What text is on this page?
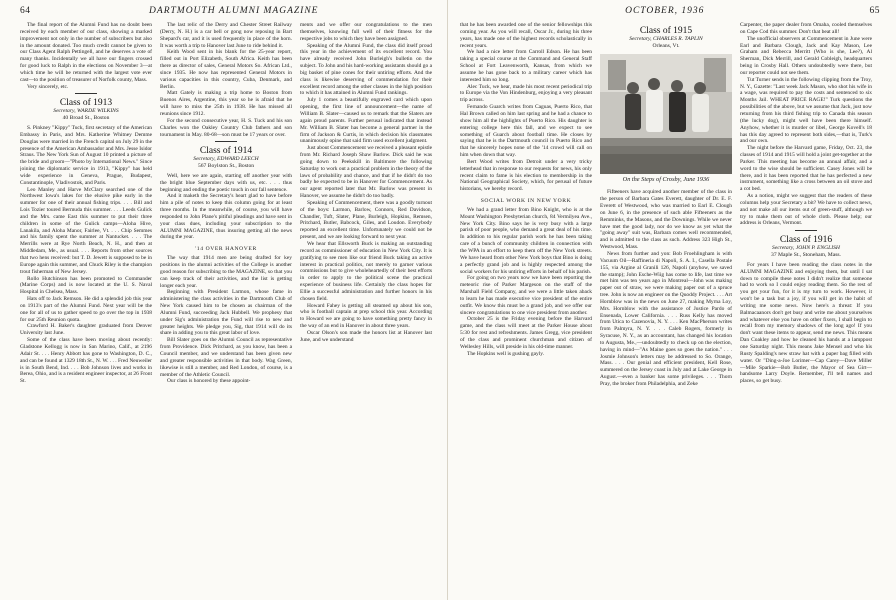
64	DARTMOUTH ALUMNI MAGAZINE

The final report of the Alumni Fund has no doubt been received by each member of our class, showing a marked improvement not only in the number of subscribers but also in the amount donated. Too much credit cannot be given to our Class Agent Ralph Pettingell, and he deserves a vote of many thanks. Incidentally we all have our fingers crossed for good luck to Ralph in the elections on November 3—at which time he will be returned with the largest vote ever cast—to the position of treasurer of Norfolk county, Mass.

Very sincerely, etc.

Class of 1913
Secretary, WARDE WILKINS
40 Broad St., Boston

S. Pinkney "Kippy" Tuck, first secretary of the American Embassy in Paris, and Mrs. Katherine Whitney Demme Douglas were married in the French capital on July 29 in the presence of the American Ambassador and Mrs. Jesse Isidor Straus. The New York Sun of August 10 printed a picture of the bride and groom—"Photo by International News." Since joining the diplomatic service in 1913, "Kippy" has held wide experience in Geneva, Prague, Budapest, Constantinople, Vladivostok, and Paris.

Leo Manley and Harve McClary searched one of the Northwest Iowa's lakes for the elusive pike early in the summer for one of their annual fishing trips. . . . Bill and Lois Tozier toured Bermuda this summer. . . . Leeds Gulick and the Mrs. came East this summer to put their three children in some of the Gulick camps—Aloha Hive, Lanakila, and Aloha Manor, Fairlee, Vt. . . . Chip Semmes and his family spent the summer at Nantucket. . . . The Merrills were at Rye North Beach, N. H., and then at Middledam, Me., as usual. . . . Reports from other sources that two hens received: but T. D. Jewett is supposed to be in Europe again this summer, and Chuck Riley is the champion trout fisherman of New Jersey.

Rollo Hutchinson has been promoted to Commander (Marine Corps) and is now located at the U. S. Naval Hospital in Chelsea, Mass.

Hats off to Jack Remson. He did a splendid job this year on 1913's part of the Alumni Fund. Next year will be the one for all of us to gather speed to go over the top in 1938 for our 25th Reunion quota.

Crawford H. Baker's daughter graduated from Denver University last June.

Some of the class have been moving about recently: Gladstone Kellogg is now in San Marino, Calif., at 2196 Adair St. . . . Henry Abbott has gone to Washington, D. C., and can be found at 1329 18th St., N. W. . . . Fred Neuweiler is in South Bend, Ind. . . . Bob Johnson lives and works in Berea, Ohio, and is a resident engineer inspector, at 26 Front St.

The last relic of the Derry and Chester Street Railway (Derry, N. H.) is a car bell or gong now reposing in Bart Shepard's car, and it is used frequently in place of the horn. It was worth a trip to Hanover last June to ride behind it.

Keith Wood sent in his blank for the 25-year report, filled out in Port Elizabeth, South Africa. Keith has been there as director of sales, General Motors So. African Ltd., since 1935. He now has represented General Motors in various capacities in this country, Cuba, Denmark, and Berlin.

Matt Gately is making a trip home to Boston from Buenos Aires, Argentine, this year so he is afraid that he will have to miss the 25th in 1938. He has missed all reunions since 1912.

For the second consecutive year, H. S. Tuck and his son Charles won the Oakley Country Club fathers and son tournament in May. 80-68—son must be 17 years or over.

Class of 1914
Secretary, EDWARD LEECH
567 Boylston St., Boston

Well, here we are again, starting off another year with the bright blue September days with us, etc. . . . thus beginning and ending the poetic touch in our fall sentence.

And it maketh the Secretary's heart glad to have before him a pile of notes to keep this column going for at least three months. In the meanwhile, of course, you will have responded to John Plane's pitiful pleadings and have sent in your class dues, including your subscription to the ALUMNI MAGAZINE, thus insuring getting all the news during the year.

'14 OVER HANOVER

The way that 1914 men are being drafted for key positions in the alumni activities of the College is another good reason for subscribing to the MAGAZINE, so that you can keep track of their activities, and the list is getting longer each year.

Beginning with President Larmon, whose fame in administering the class activities in the Dartmouth Club of New York caused him to be chosen as chairman of the Alumni Fund, succeeding Jack Hubbell. We prophesy that under Sig's administration the Fund will rise to new and greater heights. We pledge you, Sig, that 1914 will do its share in adding you to this great labor of love.

Bill Slater goes on the Alumni Council as representative from Providence. Dick Pritchard, as you know, has been a Council member, and we understand has been given new and greater responsible activities in that body. Wag Green, likewise is still a member, and Red London, of course, is a member of the Athletic Council.

Our class is honored by these appoint-

ments and we offer our congratulations to the men themselves, knowing full well of their fitness for the respective jobs to which they have been assigned.

Speaking of the Alumni Fund, the class did itself proud this year in the achievement of its excellent record. You have already received John Burleigh's bulletin on the subject. To John and his hard-working assistants should go a big basket of pine cones for their untiring efforts. And the class is likewise deserving of commendation for their excellent record among the other classes in the high position to which it has attained in Alumni Fund rankings.

July 1 comes a beautifully engraved card which upon opening, the first line of announcement—the name of William B. Slater—caused us to remark that the Slaters are again proud parents. Further perusal indicated that instead Mr. William B. Slater has become a general partner in the firm of Jackson & Curtis, in which decision his classmates unanimously opine that said firm used excellent judgment.

Just about Commencement we received a pleasant epistle from Mr. Richard Joseph Shaw Barlow. Dick said he was going down to Peekskill in Baltimore the following Saturday to work out a practical problem in the theory of the laws of probability and chance, and that if he didn't do too badly he expected to be in Hanover for Commencement. As our agent reported later that Mr. Barlow was present in Hanover, we assume he didn't do too badly.

Speaking of Commencement, there was a goodly turnout of the boys: Larmon, Barlow, Connors, Red Davidson, Chandler, Tuft, Slater, Plane, Burleigh, Hopkins, Remsen, Pritchard, Butler, Babcock, Giles, and Loudon. Everybody reported an excellent time. Unfortunately we could not be present, and we are looking forward to next year.

We hear that Ellsworth Buck is making an outstanding record as commissioner of education in New York City. It is gratifying to see men like our friend Buck taking an active interest in practical politics, not merely to garner various commissions but to give wholeheartedly of their best efforts in order to apply to the political scene the practical experience of business life. Certainly the class hopes for Ellie a successful administration and further honors in his chosen field.

Howard Fahey is getting all steamed up about his son, who is football captain at prep school this year. According to Howard we are going to have something pretty fancy in the way of an end in Hanover in about three years.

Oscar Olson's son made the honors list at Hanover last June, and we understand

OCTOBER, 1936	65

that he has been awarded one of the senior fellowships this coming year. As you will recall, Oscar Jr., during his three years, has made one of the highest records scholastically in recent years.

We had a nice letter from Carroll Edson. He has been taking a special course at the Command and General Staff School at Fort Leavenworth, Kansas, from which we assume he has gone back to a military career which has interested him so long.

Alec Tuck, we hear, made his most recent periodical trip to Europe via the Von Hindenburg, enjoying a very pleasant trip across.

Fernando Guarch writes from Caguas, Puerto Rico, that Hal Brown called on him last spring and he had a chance to show him all the highlights of Puerto Rico. His daughter is entering college here this fall, and we expect to see something of Guarch about football time. He closes by saying that he is the Dartmouth council in Puerto Rico and that he sincerely hopes none of the '14 crowd will call on him when down that way.

Bert Wood writes from Detroit under a very tricky letterhead that in response to our requests for news, his only recent claim to fame is his election to membership in the National Geographical Society, which, for perusal of future historians, we hereby record.

SOCIAL WORK IN NEW YORK

We had a grand letter from Bino Knight, who is at the Mount Washington Presbyterian church, 84 Vermilyea Ave., New York City. Bino says he is very busy with a large parish of poor people, who demand a great deal of his time. In addition to his regular parish work he has been taking care of a bunch of community children in connection with the WPA in an effort to keep them off the New York streets. We have heard from other New York boys that Bino is doing a perfectly grand job and is highly respected among the social workers for his untiring efforts in behalf of his parish.

For going on two years now we have been reporting the meteoric rise of Parker Margeson on the staff of the Marshall Field Company, and we were a little taken aback to learn he has made executive vice president of the entire outfit. We know this must be a grand job, and we offer our sincere congratulations to one vice president from another.

October 25 is the Friday evening before the Harvard game, and the class will meet at the Parker House about 5:30 for rest and refreshments. James Gregg, vice president of the class and prominent churchman and citizen of Wellesley Hills, will preside in his old-time manner.

The Hopkins well is gushing gayly.

Class of 1915
Secretary, CHARLES R. TAPLIN
Orleans, Vt.
On the Steps of Crosby, June 1936

Fifteeners have acquired another member of the class in the person of Barbara Gates Everett, daughter of Dr. E. F. Everett of Westwood, who was married to Earl E. Clough on June 6, in the presence of such able Fifteeners as the Remminks, the Masons, and the Downings. While we never have met the good lady, nor do we know as yet what the "going away" suit was, Barbara comes well recommended, and is admitted to the class as such. Address 323 High St., Westwood, Mass.

News from further and yon: Bob Froehlingham is with Vacuum Oil—Raffineria di Napoli, S. A. I., Casella Postale 155, via Argine al Granili 126, Napoli (anyhow, we saved the stamp); John Esche-Wiig has come to life, last time we met him was ten years ago in Montreal—John was making paper out of straw, we were making paper out of a spruce tree. John is now an engineer on the Quoddy Project. . . . Art Hornblow was in the news on June 27, making Myrna Loy, Mrs. Hornblow with the assistance of Justice Pardo of Ensenada, Lower California. . . . Russ Kelly has moved from Utica to Cazenovia, N. Y. . . . Ken MacPherson writes from Palmyra, N. Y. . . . Caleb Rogers, formerly in Syracuse, N. Y., as an accountant, has changed his location to Augusta, Me.,—undoubtedly to check up on the election, having in mind—"As Maine goes so goes the nation." . . . Josmie Johnson's letters may be addressed to So. Orange, Mass. . . . Our genial and efficient president, Kell Rose, summered on the Jersey coast in July and at Lake George in August.—even a banker has some privileges. . . . Thorn Pray, the broker from Philadelphia, and Zeke

Carpenter, the paper dealer from Omaha, cooled themselves on Cape Cod this summer. Don't that beat all!

The unofficial observers at Commencement in June were Earl and Barbara Clough, Jack and Kay Mason, Lee Graham and Rebecca Merritt (Who is she, Lee?), Al Sherman, Dick Merrill, and Gerald Cobleigh, headquarters being in Crosby Hall. Others undoubtedly were there, but our reporter could not see them.

Tut Turner sends in the following clipping from the Troy, N. Y., Gazette: "Last week Jack Mason, who shot his wife in a wage, was required to pay the costs and sentenced to six Months Jail. WHEAT PRICE RAGE!" Turk questions the possibilities of the above, but we assume that Jack, just now returning from his third fishing trip to Canada this season (the lucky dog), might well have been there himself. Anyhow, whether it is murder or libel, George Kovell's 18 has this day agreed to represent both sides,—that is, Turk's and our own.

The night before the Harvard game, Friday, Oct. 23, the classes of 1914 and 1915 will hold a joint get-together at the Parker. This meeting has become an annual affair, and a word to the wise should be sufficient. Casey Jones will be there, and it has been reported that he has perfected a new instrument, something like a cross between an oil stove and a cot bed.

As a notion, might we suggest that the readers of these columns help your Secretary a bit? We have to collect news, and not make all our items out of green-stuff, although we try to make them out of whole cloth. Please help; our address is Orleans, Vermont.

Class of 1916
Secretary, JOHN P. ENGLISH
37 Maple St., Stoneham, Mass.

For years I have been reading the class notes in the ALUMNI MAGAZINE and enjoying them, but until I sat down to compile these notes I didn't realize that someone had to work so I could enjoy reading them. So the rest of you get your fun, for it is my turn to work. However, it won't be a task but a joy, if you will get in the habit of writing me some news. Now here's a threat: If you Balmacaanors don't get busy and write me about yourselves and whatever else you have on other fixers, I shall begin to recall from my memory shadows of the long ago! If you don't want these items to appear, send me news. This means Dan Coakley and how he cleaned his hands at a lamppost one Saturday night. This means Jake Mensel and who his Rusty Spalding's new straw hat with a paper bag filled with water. Or "Ding-a-Joe Lorimer—Cap Carey—Dave Miller—Mile Sparkie—Bob Butler, the Mayor of Sea Girt—handsome Larry Doyle. Remember, I'll tell names and places, so get busy.
